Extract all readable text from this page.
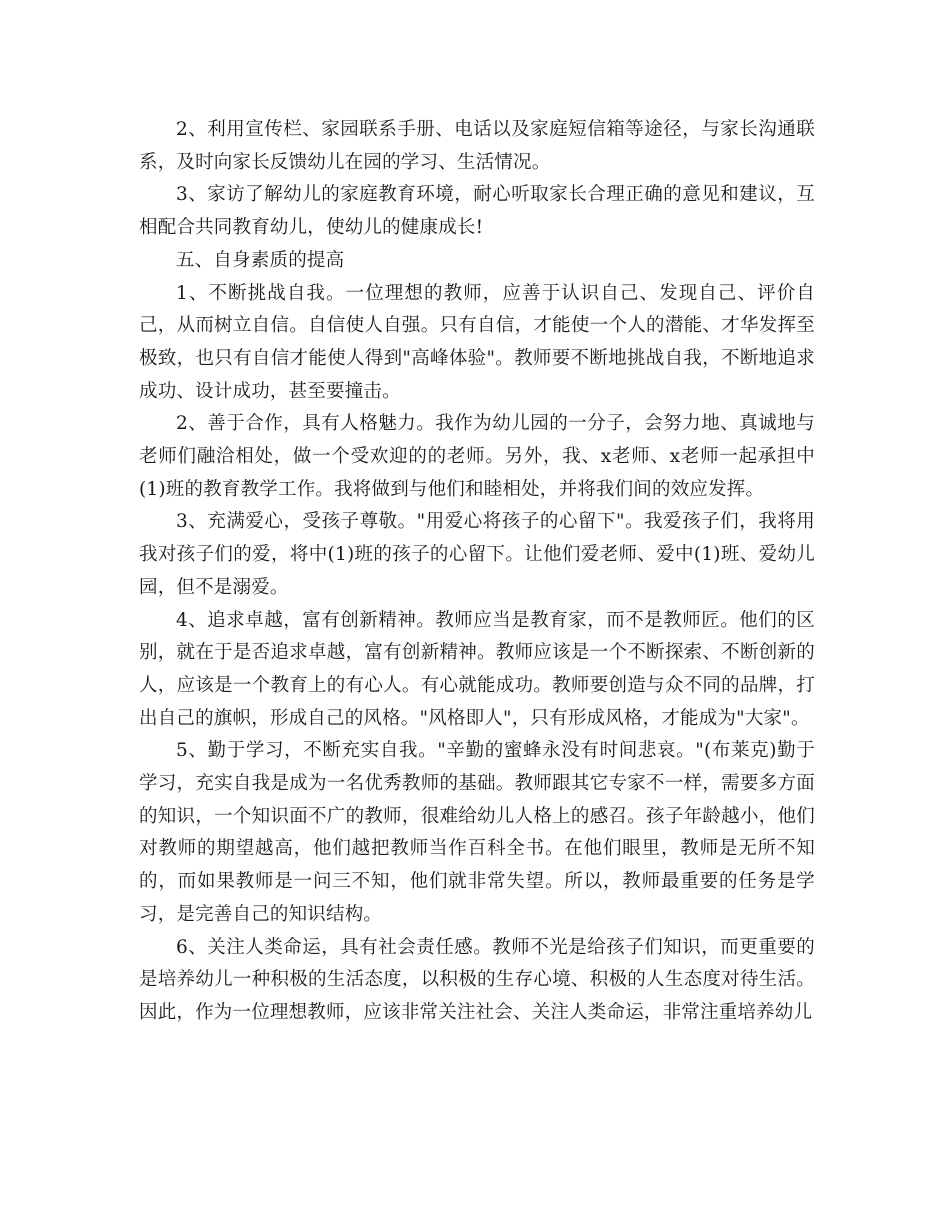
2、利用宣传栏、家园联系手册、电话以及家庭短信箱等途径，与家长沟通联系，及时向家长反馈幼儿在园的学习、生活情况。

3、家访了解幼儿的家庭教育环境，耐心听取家长合理正确的意见和建议，互相配合共同教育幼儿，使幼儿的健康成长!

五、自身素质的提高

1、不断挑战自我。一位理想的教师，应善于认识自己、发现自己、评价自己，从而树立自信。自信使人自强。只有自信，才能使一个人的潜能、才华发挥至极致，也只有自信才能使人得到"高峰体验"。教师要不断地挑战自我，不断地追求成功、设计成功，甚至要撞击。

2、善于合作，具有人格魅力。我作为幼儿园的一分子，会努力地、真诚地与老师们融洽相处，做一个受欢迎的的老师。另外，我、x老师、x老师一起承担中(1)班的教育教学工作。我将做到与他们和睦相处，并将我们间的效应发挥。

3、充满爱心，受孩子尊敬。"用爱心将孩子的心留下"。我爱孩子们，我将用我对孩子们的爱，将中(1)班的孩子的心留下。让他们爱老师、爱中(1)班、爱幼儿园，但不是溺爱。

4、追求卓越，富有创新精神。教师应当是教育家，而不是教师匠。他们的区别，就在于是否追求卓越，富有创新精神。教师应该是一个不断探索、不断创新的人，应该是一个教育上的有心人。有心就能成功。教师要创造与众不同的品牌，打出自己的旗帜，形成自己的风格。"风格即人"，只有形成风格，才能成为"大家"。

5、勤于学习，不断充实自我。"辛勤的蜜蜂永没有时间悲哀。"(布莱克)勤于学习，充实自我是成为一名优秀教师的基础。教师跟其它专家不一样，需要多方面的知识，一个知识面不广的教师，很难给幼儿人格上的感召。孩子年龄越小，他们对教师的期望越高，他们越把教师当作百科全书。在他们眼里，教师是无所不知的，而如果教师是一问三不知，他们就非常失望。所以，教师最重要的任务是学习，是完善自己的知识结构。

6、关注人类命运，具有社会责任感。教师不光是给孩子们知识，而更重要的是培养幼儿一种积极的生活态度，以积极的生存心境、积极的人生态度对待生活。因此，作为一位理想教师，应该非常关注社会、关注人类命运，非常注重培养幼儿
